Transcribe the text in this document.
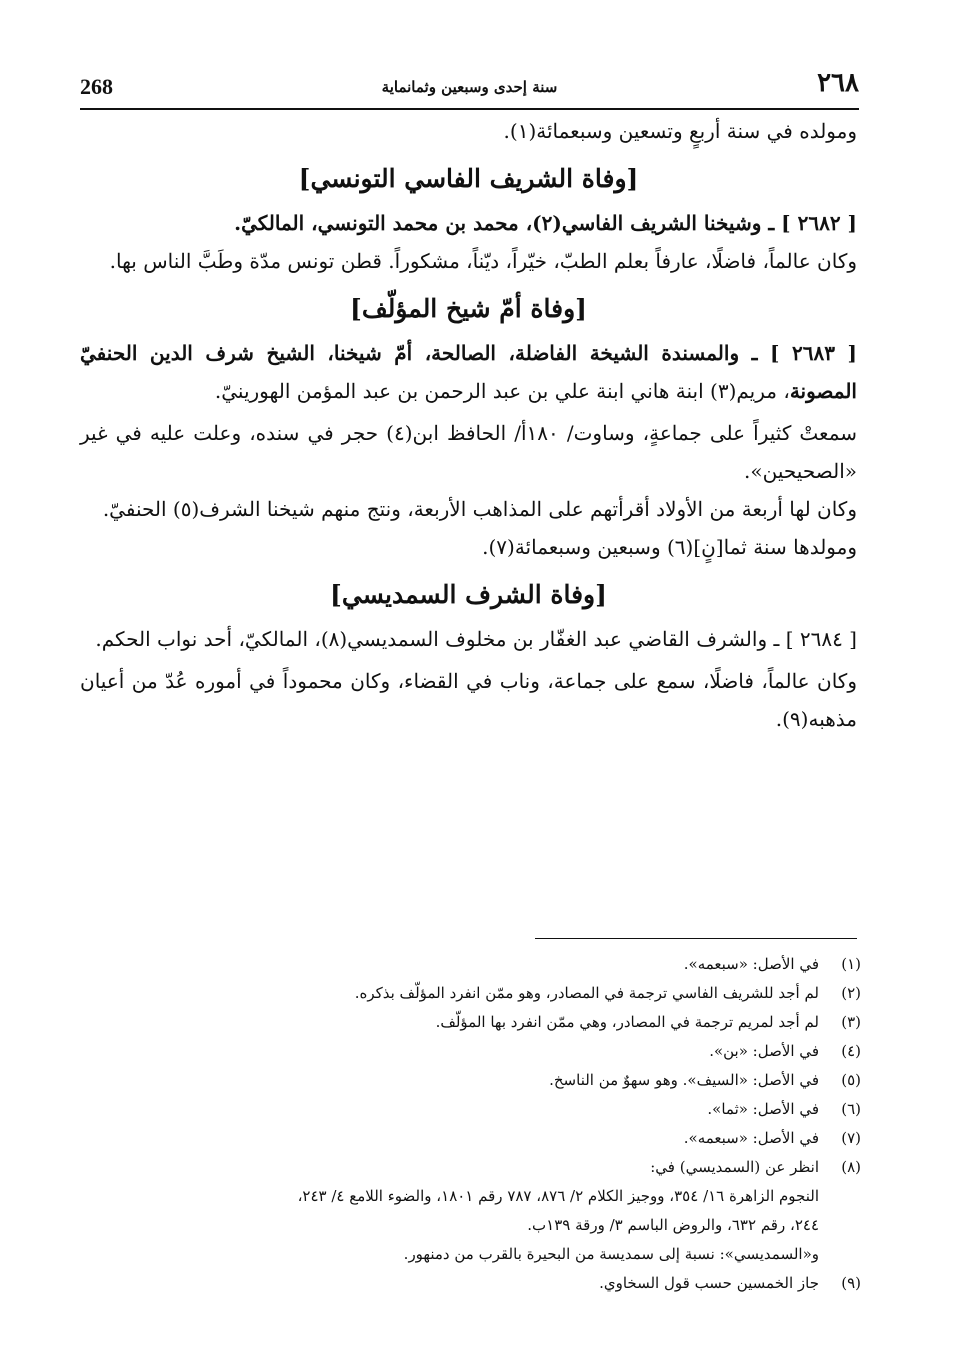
268	سنة إحدى وسبعين وثمانماية	٢٦٨

ومولده في سنة أربعٍ وتسعين وسبعمائة(١).

[وفاة الشريف الفاسي التونسي]

[ ٢٦٨٢ ] ـ وشيخنا الشريف الفاسي(٢)، محمد بن محمد التونسي، المالكيّ.

وكان عالماً، فاضلًا، عارفاً بعلم الطبّ، خيّراً، ديّناً، مشكوراً. قطن تونس مدّة وطَبَّ الناس بها.

[وفاة أمّ شيخ المؤلّف]

[ ٢٦٨٣ ] ـ والمسندة الشيخة الفاضلة، الصالحة، أمّ شيخنا، الشيخ شرف الدين الحنفيّ المصونة، مريم(٣) ابنة هاني ابنة علي بن عبد الرحمن بن عبد المؤمن الهورينيّ.

سمعتْ كثيراً على جماعةٍ، وساوت/ ١٨٠أ/ الحافظ ابن(٤) حجر في سنده، وعلت عليه في غير «الصحيحين».

وكان لها أربعة من الأولاد أقرأتهم على المذاهب الأربعة، ونتج منهم شيخنا الشرف(٥) الحنفيّ.

ومولدها سنة ثما[نٍ](٦) وسبعين وسبعمائة(٧).

[وفاة الشرف السمديسي]

[ ٢٦٨٤ ] ـ والشرف القاضي عبد الغفّار بن مخلوف السمديسي(٨)، المالكيّ، أحد نواب الحكم.

وكان عالماً، فاضلًا، سمع على جماعة، وناب في القضاء، وكان محموداً في أموره عُدّ من أعيان مذهبه(٩).

(١)
في الأصل: «سبعمه».
(٢)
لم أجد للشريف الفاسي ترجمة في المصادر، وهو ممّن انفرد المؤلّف بذكره.
(٣)
لم أجد لمريم ترجمة في المصادر، وهي ممّن انفرد بها المؤلّف.
(٤)
في الأصل: «بن».
(٥)
في الأصل: «السيف». وهو سهوٌ من الناسخ.
(٦)
في الأصل: «ثما».
(٧)
في الأصل: «سبعمه».
(٨)
انظر عن (السمديسي) في:
النجوم الزاهرة ١٦/ ٣٥٤، ووجيز الكلام ٢/ ٨٧٦، ٧٨٧ رقم ١٨٠١، والضوء اللامع ٤/ ٢٤٣،
٢٤٤، رقم ٦٣٢، والروض الباسم ٣/ ورقة ١٣٩ب.
و«السمديسي»: نسبة إلى سمديسة من البحيرة بالقرب من دمنهور.
(٩)
جاز الخمسين حسب قول السخاوي.
